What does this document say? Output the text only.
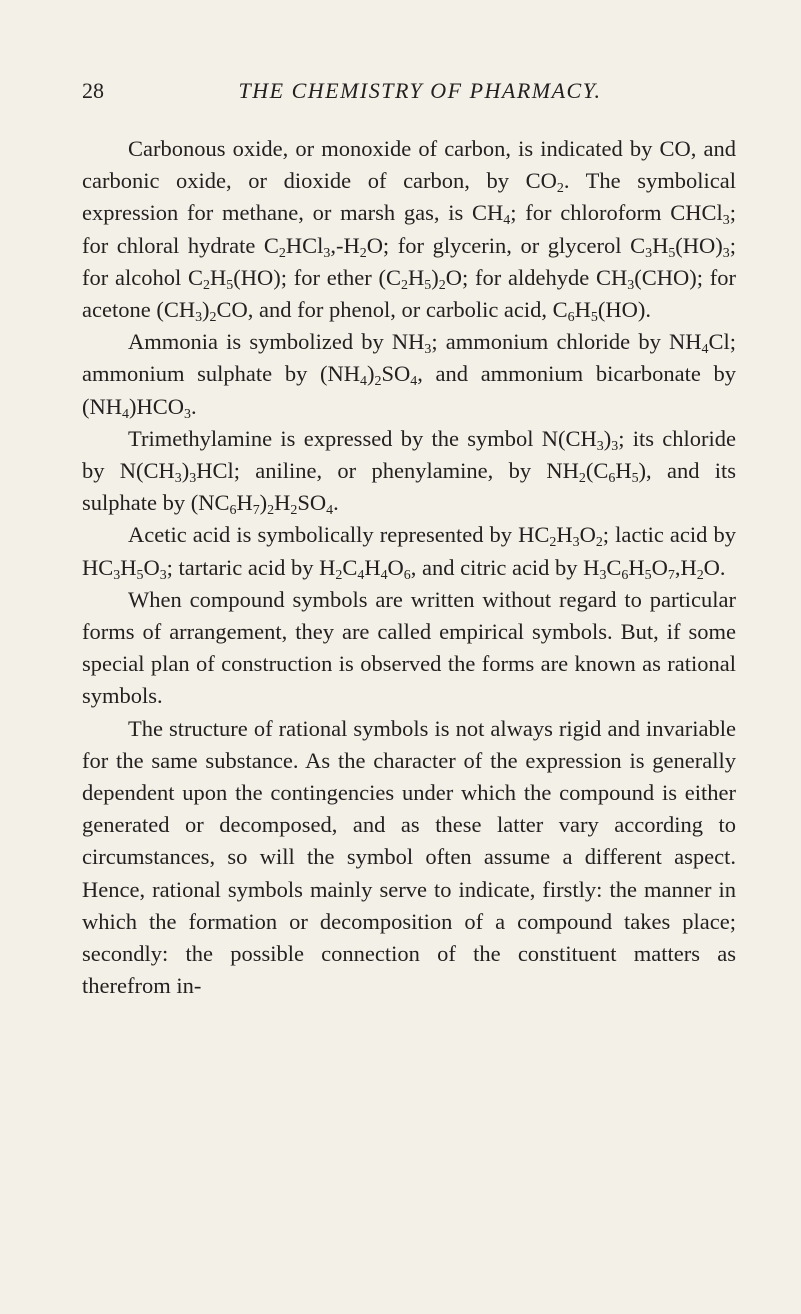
28	THE CHEMISTRY OF PHARMACY.

Carbonous oxide, or monoxide of carbon, is indicated by CO, and carbonic oxide, or dioxide of carbon, by $CO_2$. The symbolical expression for methane, or marsh gas, is $CH_4$; for chloroform CHCl$_3$; for chloral hydrate $C_2HCl_3,-H_2O$; for glycerin, or glycerol $C_3H_5(HO)_3$; for alcohol $C_2H_5(HO)$; for ether $(C_2H_5)_2O$; for aldehyde $CH_3(CHO)$; for acetone $(CH_3)_2CO$, and for phenol, or carbolic acid, $C_6H_5(HO)$.

Ammonia is symbolized by $NH_3$; ammonium chloride by $NH_4Cl$; ammonium sulphate by $(NH_4)_2SO_4$, and ammonium bicarbonate by $(NH_4)HCO_3$.

Trimethylamine is expressed by the symbol $N(CH_3)_3$; its chloride by $N(CH_3)_3HCl$; aniline, or phenylamine, by $NH_2(C_6H_5)$, and its sulphate by $(NC_6H_7)_2H_2SO_4$.

Acetic acid is symbolically represented by $HC_2H_3O_2$; lactic acid by $HC_3H_5O_3$; tartaric acid by $H_2C_4H_4O_6$, and citric acid by $H_3C_6H_5O_7,H_2O$.

When compound symbols are written without regard to particular forms of arrangement, they are called empirical symbols. But, if some special plan of construction is observed the forms are known as rational symbols.

The structure of rational symbols is not always rigid and invariable for the same substance. As the character of the expression is generally dependent upon the contingencies under which the compound is either generated or decomposed, and as these latter vary according to circumstances, so will the symbol often assume a different aspect. Hence, rational symbols mainly serve to indicate, firstly: the manner in which the formation or decomposition of a compound takes place; secondly: the possible connection of the constituent matters as therefrom in-
